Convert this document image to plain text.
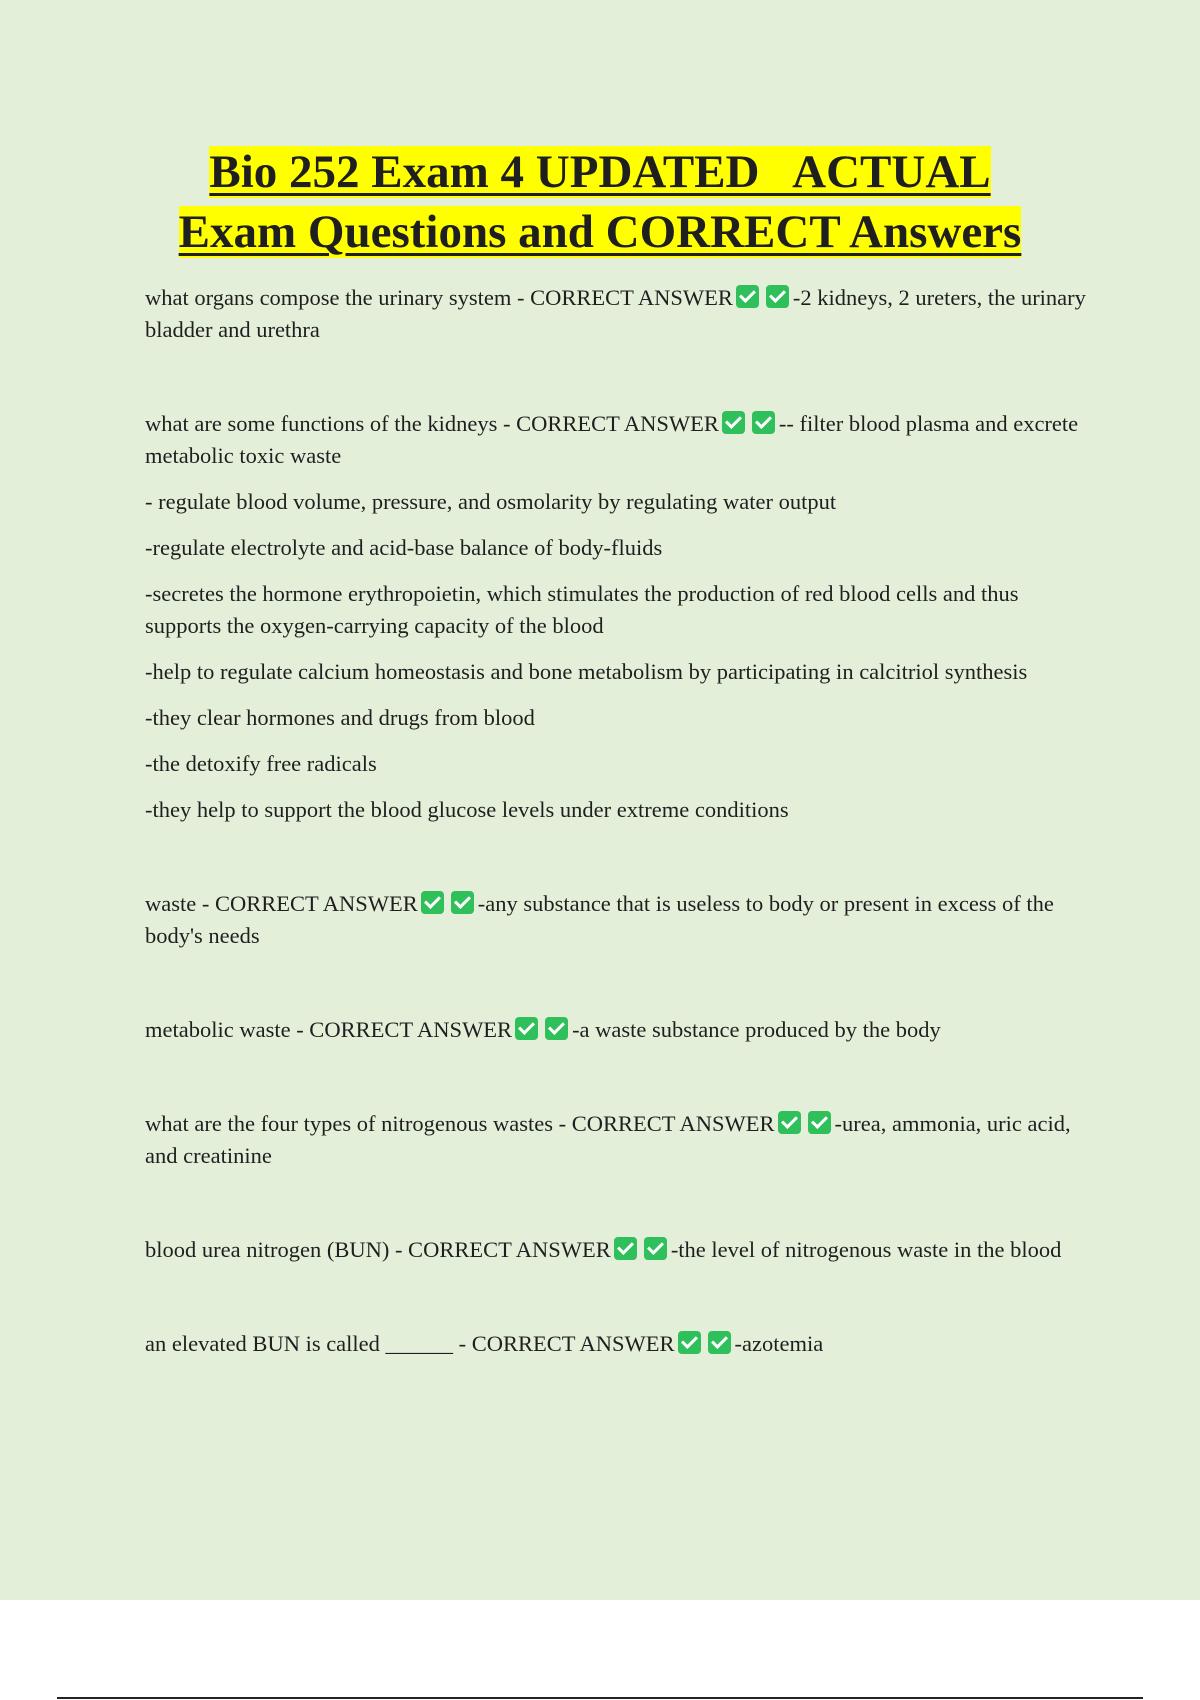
Bio 252 Exam 4 UPDATED   ACTUAL
Exam Questions and CORRECT Answers

what organs compose the urinary system - CORRECT ANSWER	-2 kidneys, 2 ureters, the urinary bladder and urethra

what are some functions of the kidneys - CORRECT ANSWER	-- filter blood plasma and excrete metabolic toxic waste

- regulate blood volume, pressure, and osmolarity by regulating water output

-regulate electrolyte and acid-base balance of body-fluids

-secretes the hormone erythropoietin, which stimulates the production of red blood cells and thus supports the oxygen-carrying capacity of the blood

-help to regulate calcium homeostasis and bone metabolism by participating in calcitriol synthesis

-they clear hormones and drugs from blood

-the detoxify free radicals

-they help to support the blood glucose levels under extreme conditions

waste - CORRECT ANSWER	-any substance that is useless to body or present in excess of the body's needs

metabolic waste - CORRECT ANSWER	-a waste substance produced by the body

what are the four types of nitrogenous wastes - CORRECT ANSWER	-urea, ammonia, uric acid, and creatinine

blood urea nitrogen (BUN) - CORRECT ANSWER	-the level of nitrogenous waste in the blood

an elevated BUN is called ______ - CORRECT ANSWER	-azotemia
